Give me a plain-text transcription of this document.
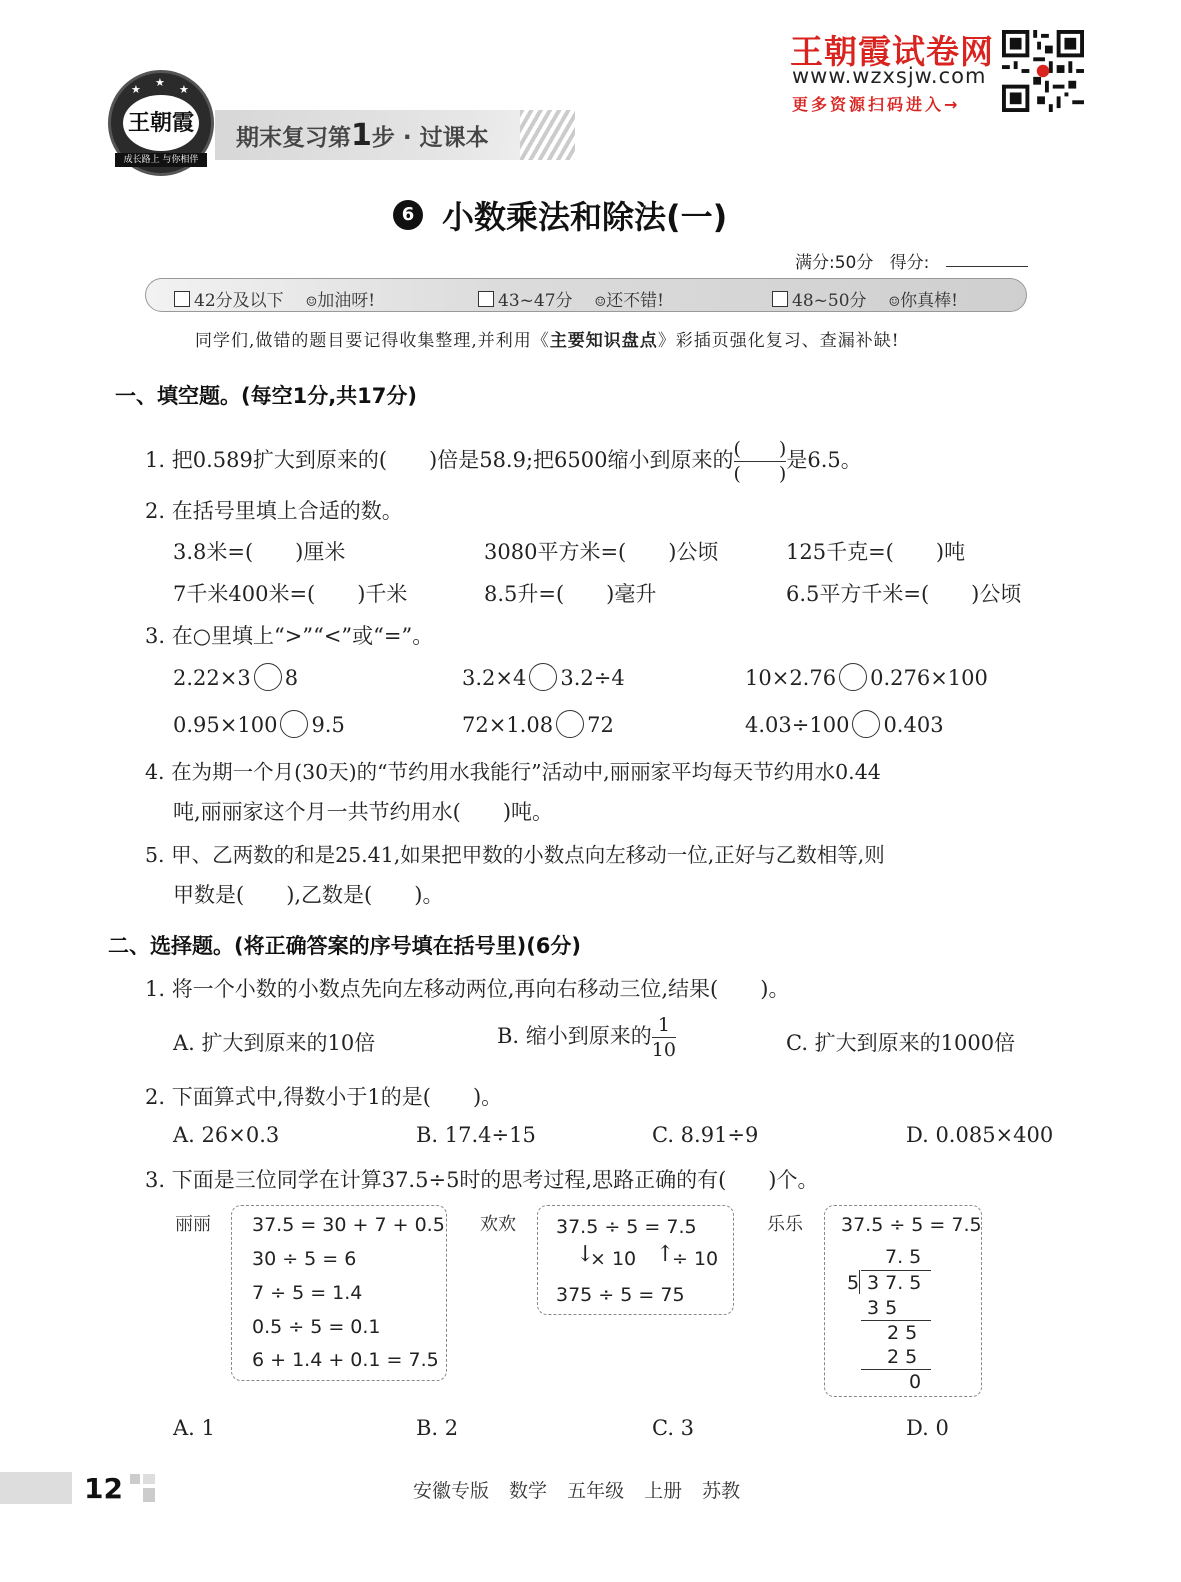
★
★	★
王朝霞
成长路上 与你相伴
期末复习第1步 · 过课本
王朝霞试卷网
www.wzxsjw.com
更多资源扫码进入→
6 小数乘法和除法(一)
满分:50分 得分:
42分及以下 ☺加油呀!	43~47分 ☺还不错!	48~50分 ☺你真棒!
同学们,做错的题目要记得收集整理,并利用《主要知识盘点》彩插页强化复习、查漏补缺!
一、填空题。(每空1分,共17分)
1. 把0.589扩大到原来的(　　)倍是58.9;把6500缩小到原来的 $\frac{( )}{( )}$ 是6.5。
2. 在括号里填上合适的数。
3.8米=(　　)厘米	3080平方米=(　　)公顷	125千克=(　　)吨
7千米400米=(　　)千米	8.5升=(　　)毫升	6.5平方千米=(　　)公顷
3. 在○里填上“>”“<”或“=”。
2.22×3 8	3.2×4 3.2÷4	10×2.76 0.276×100
0.95×100 9.5	72×1.08 72	4.03÷100 0.403
4. 在为期一个月(30天)的“节约用水我能行”活动中,丽丽家平均每天节约用水0.44
吨,丽丽家这个月一共节约用水(　　)吨。
5. 甲、乙两数的和是25.41,如果把甲数的小数点向左移动一位,正好与乙数相等,则
甲数是(　　),乙数是(　　)。
二、选择题。(将正确答案的序号填在括号里)(6分)
1. 将一个小数的小数点先向左移动两位,再向右移动三位,结果(　　)。
A. 扩大到原来的10倍	B. 缩小到原来的 $\frac{1}{10}$	C. 扩大到原来的1000倍
2. 下面算式中,得数小于1的是(　　)。
A. 26×0.3	B. 17.4÷15	C. 8.91÷9	D. 0.085×400
3. 下面是三位同学在计算37.5÷5时的思考过程,思路正确的有(　　)个。
丽丽 37.5 = 30 + 7 + 0.5
30 ÷ 5 = 6
7 ÷ 5 = 1.4
0.5 ÷ 5 = 0.1
6 + 1.4 + 0.1 = 7.5
欢欢 37.5 ÷ 5 = 7.5
↓
× 10 ↑
÷ 10
375 ÷ 5 = 75
乐乐 37.5 ÷ 5 = 7.5
7. 5
5 3 7. 5
3 5
2 5
2 5
0
A. 1	B. 2	C. 3	D. 0
12	安徽专版 数学 五年级 上册 苏教
